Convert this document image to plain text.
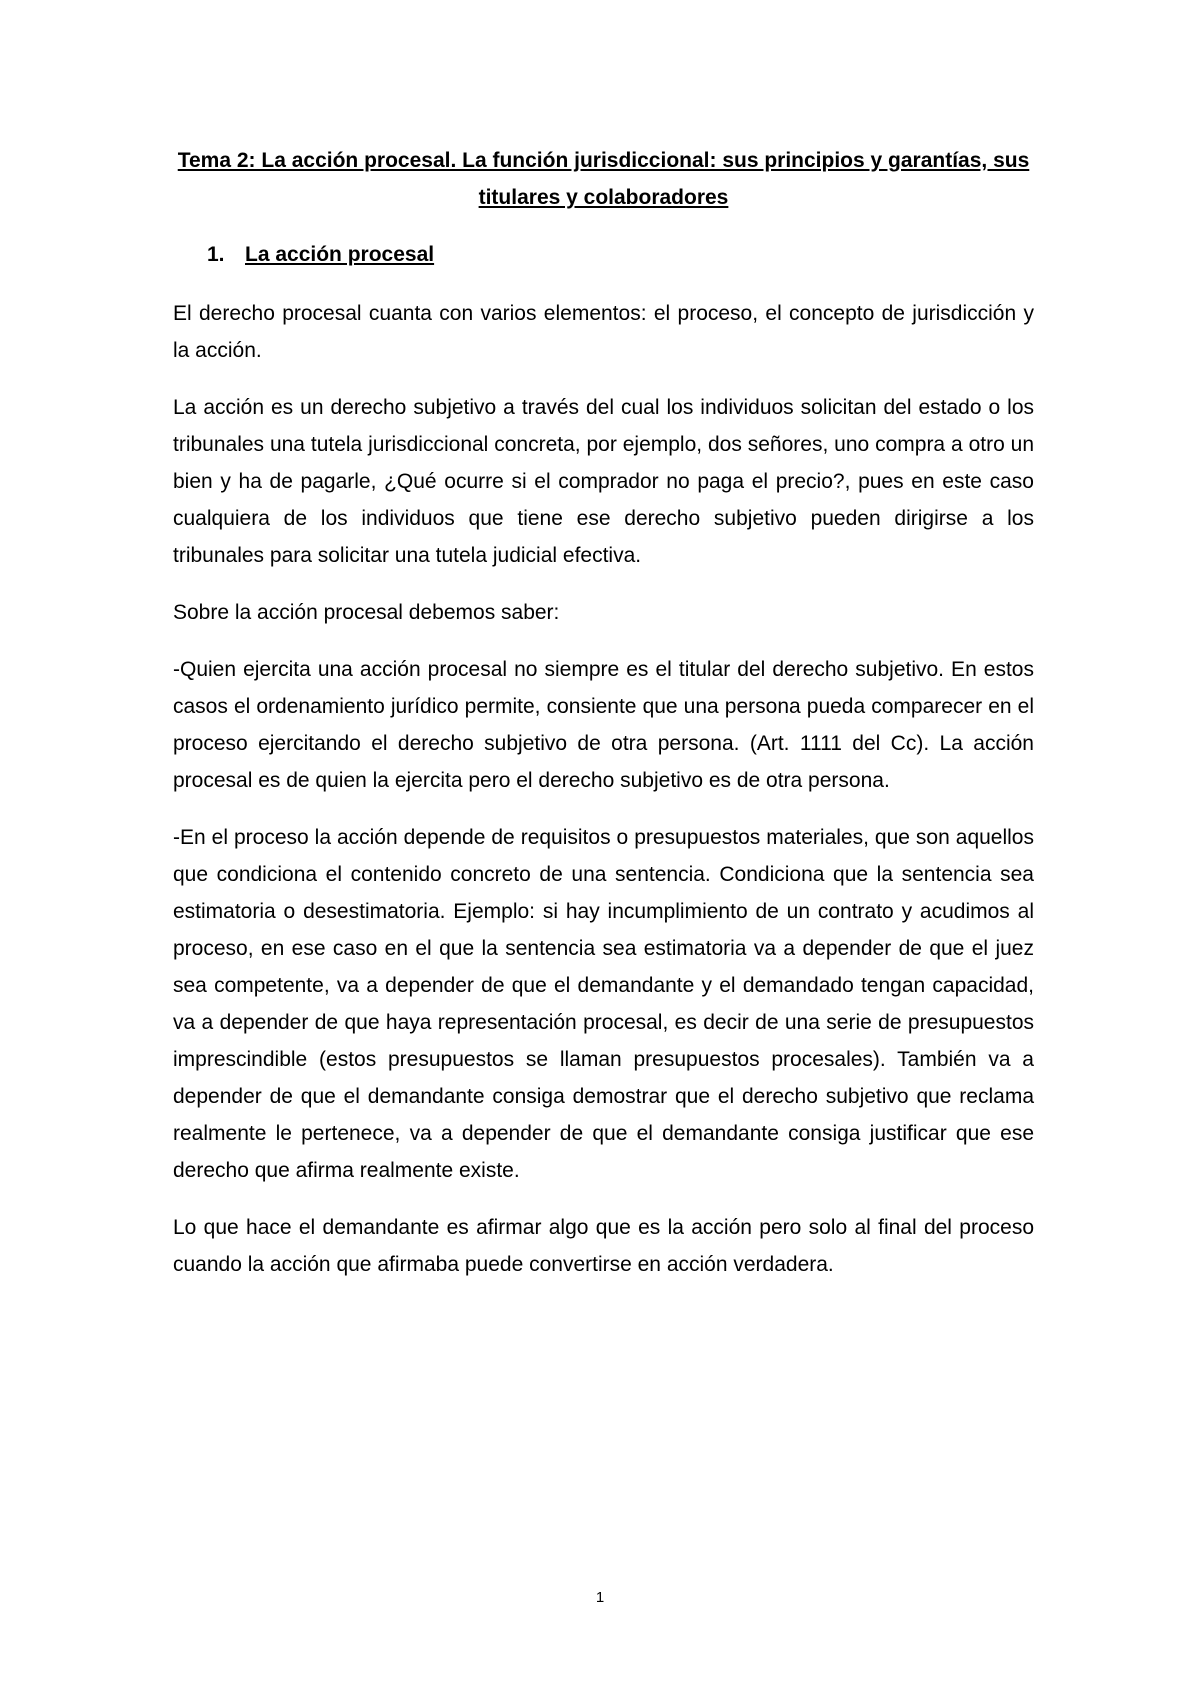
Tema 2: La acción procesal. La función jurisdiccional: sus principios y garantías, sus titulares y colaboradores
1. La acción procesal

El derecho procesal cuanta con varios elementos: el proceso, el concepto de jurisdicción y la acción.

La acción es un derecho subjetivo a través del cual los individuos solicitan del estado o los tribunales una tutela jurisdiccional concreta, por ejemplo, dos señores, uno compra a otro un bien y ha de pagarle, ¿Qué ocurre si el comprador no paga el precio?, pues en este caso cualquiera de los individuos que tiene ese derecho subjetivo pueden dirigirse a los tribunales para solicitar una tutela judicial efectiva.

Sobre la acción procesal debemos saber:

-Quien ejercita una acción procesal no siempre es el titular del derecho subjetivo. En estos casos el ordenamiento jurídico permite, consiente que una persona pueda comparecer en el proceso ejercitando el derecho subjetivo de otra persona. (Art. 1111 del Cc). La acción procesal es de quien la ejercita pero el derecho subjetivo es de otra persona.

-En el proceso la acción depende de requisitos o presupuestos materiales, que son aquellos que condiciona el contenido concreto de una sentencia. Condiciona que la sentencia sea estimatoria o desestimatoria. Ejemplo: si hay incumplimiento de un contrato y acudimos al proceso, en ese caso en el que la sentencia sea estimatoria va a depender de que el juez sea competente, va a depender de que el demandante y el demandado tengan capacidad, va a depender de que haya representación procesal, es decir de una serie de presupuestos imprescindible (estos presupuestos se llaman presupuestos procesales). También va a depender de que el demandante consiga demostrar que el derecho subjetivo que reclama realmente le pertenece, va a depender de que el demandante consiga justificar que ese derecho que afirma realmente existe.

Lo que hace el demandante es afirmar algo que es la acción pero solo al final del proceso cuando la acción que afirmaba puede convertirse en acción verdadera.

1
